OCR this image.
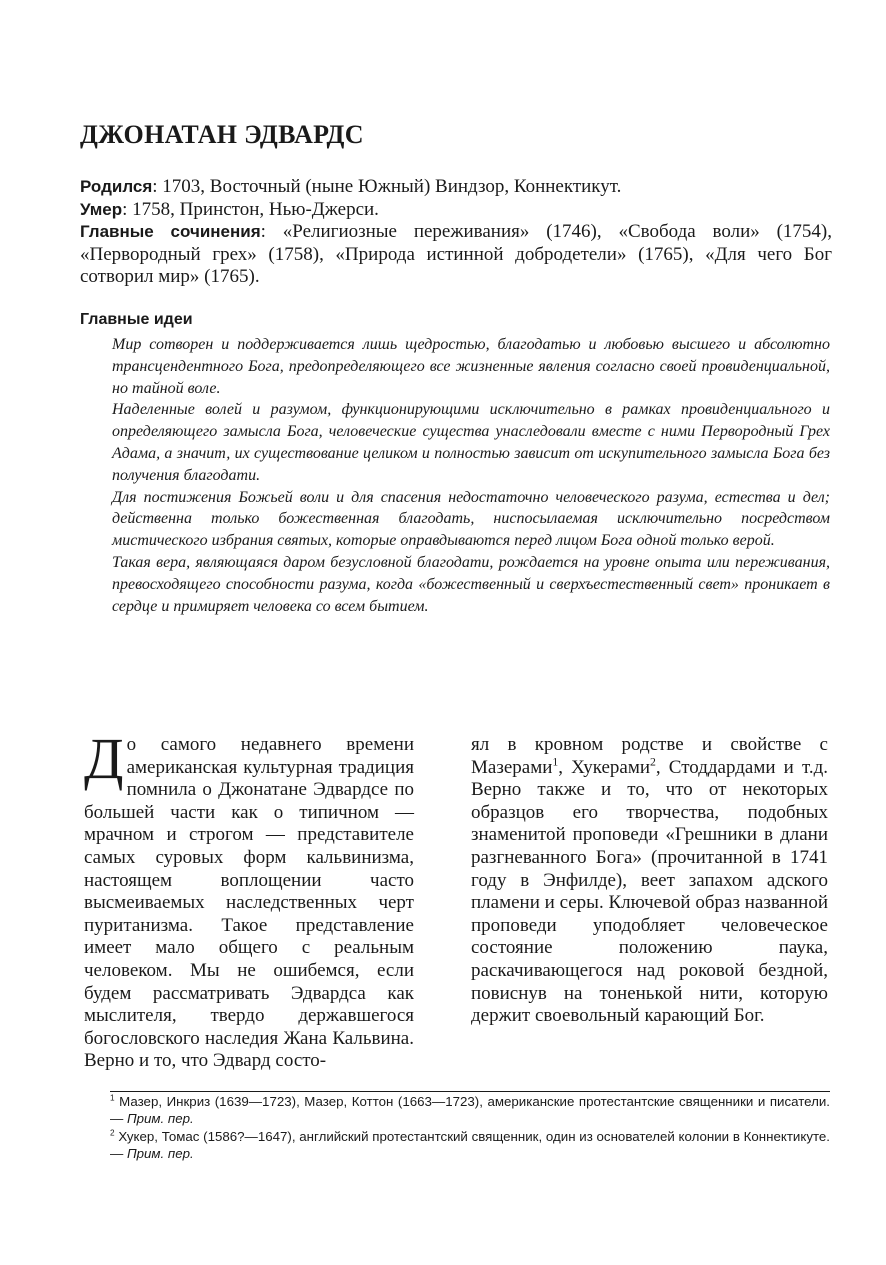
ДЖОНАТАН ЭДВАРДС

Родился: 1703, Восточный (ныне Южный) Виндзор, Коннектикут.

Умер: 1758, Принстон, Нью-Джерси.

Главные сочинения: «Религиозные переживания» (1746), «Свобода воли» (1754), «Первородный грех» (1758), «Природа истинной добродетели» (1765), «Для чего Бог сотворил мир» (1765).

Главные идеи

Мир сотворен и поддерживается лишь щедростью, благодатью и любовью высшего и абсолютно трансцендентного Бога, предопределяющего все жизненные явления согласно своей провиденциальной, но тайной воле.

Наделенные волей и разумом, функционирующими исключительно в рамках провиденциального и определяющего замысла Бога, человеческие существа унаследовали вместе с ними Первородный Грех Адама, а значит, их существование целиком и полностью зависит от искупительного замысла Бога без получения благодати.

Для постижения Божьей воли и для спасения недостаточно человеческого разума, естества и дел; действенна только божественная благодать, ниспосылаемая исключительно посредством мистического избрания святых, которые оправдываются перед лицом Бога одной только верой.

Такая вера, являющаяся даром безусловной благодати, рождается на уровне опыта или переживания, превосходящего способности разума, когда «божественный и сверхъестественный свет» проникает в сердце и примиряет человека со всем бытием.

До самого недавнего времени американская культурная традиция помнила о Джонатане Эдвардсе по большей части как о типичном — мрачном и строгом — представителе самых суровых форм кальвинизма, настоящем воплощении часто высмеиваемых наследственных черт пуританизма. Такое представление имеет мало общего с реальным человеком. Мы не ошибемся, если будем рассматривать Эдвардса как мыслителя, твердо державшегося богословского наследия Жана Кальвина. Верно и то, что Эдвард состо-

ял в кровном родстве и свойстве с Мазерами$^1$, Хукерами$^2$, Стоддардами и т.д. Верно также и то, что от некоторых образцов его творчества, подобных знаменитой проповеди «Грешники в длани разгневанного Бога» (прочитанной в 1741 году в Энфилде), веет запахом адского пламени и серы. Ключевой образ названной проповеди уподобляет человеческое состояние положению паука, раскачивающегося над роковой бездной, повиснув на тоненькой нити, которую держит своевольный карающий Бог.

$^1$ Мазер, Инкриз (1639—1723), Мазер, Коттон (1663—1723), американские протестантские священники и писатели. — Прим. пер.

$^2$ Хукер, Томас (1586?—1647), английский протестантский священник, один из основателей колонии в Коннектикуте. — Прим. пер.
